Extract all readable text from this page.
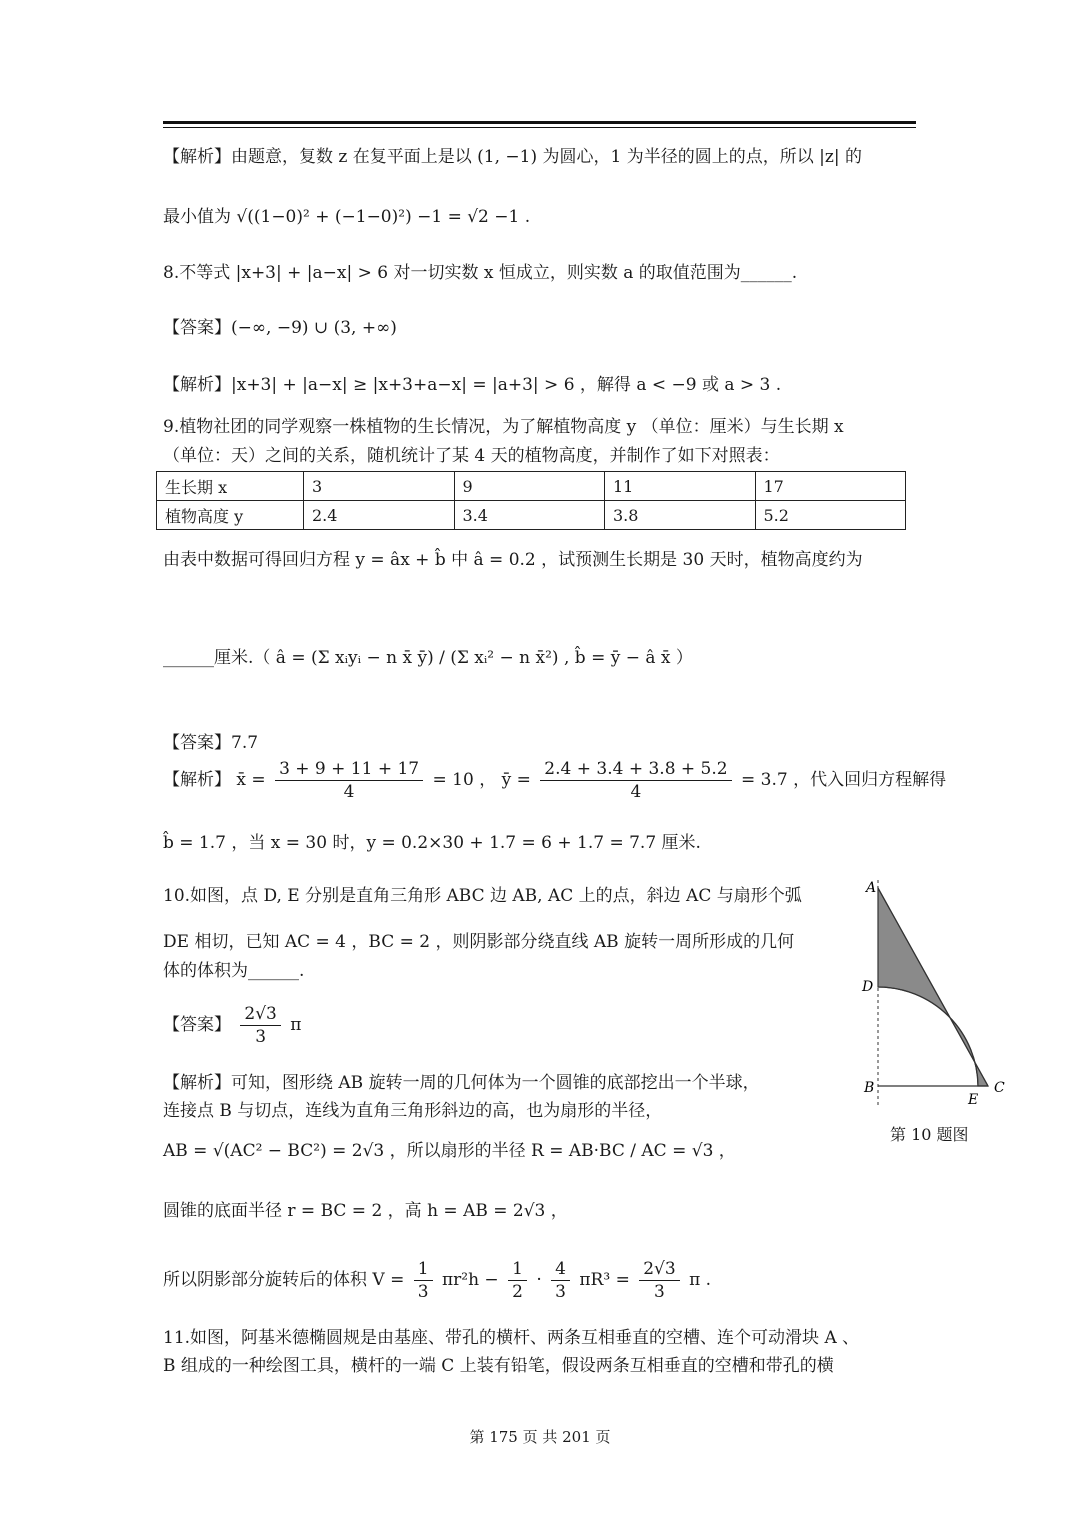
【解析】由题意，复数 z 在复平面上是以 (1, −1) 为圆心，1 为半径的圆上的点，所以 |z| 的
最小值为 √((1−0)² + (−1−0)²) −1 = √2 −1 .
8.不等式 |x+3| + |a−x| > 6 对一切实数 x 恒成立，则实数 a 的取值范围为______.
【答案】(−∞, −9) ∪ (3, +∞)
【解析】|x+3| + |a−x| ≥ |x+3+a−x| = |a+3| > 6 ，解得 a < −9 或 a > 3 .
9.植物社团的同学观察一株植物的生长情况，为了解植物高度 y （单位：厘米）与生长期 x
（单位：天）之间的关系，随机统计了某 4 天的植物高度，并制作了如下对照表：
生长期 x	3	9	11	17
植物高度 y	2.4	3.4	3.8	5.2
由表中数据可得回归方程 y = âx + b̂ 中 â = 0.2 ，试预测生长期是 30 天时，植物高度约为
______厘米.（ â = (Σ xᵢyᵢ − n x̄ ȳ) / (Σ xᵢ² − n x̄²) , b̂ = ȳ − â x̄ ）
【答案】7.7
【解析】 x̄ = $\frac{3 + 9 + 11 + 17}{4} = 10$ ， ȳ = $\frac{2.4 + 3.4 + 3.8 + 5.2}{4} = 3.7$ ，代入回归方程解得
b̂ = 1.7 ，当 x = 30 时，y = 0.2×30 + 1.7 = 6 + 1.7 = 7.7 厘米.
10.如图，点 D, E 分别是直角三角形 ABC 边 AB, AC 上的点，斜边 AC 与扇形个弧
DE 相切，已知 AC = 4 ，BC = 2 ，则阴影部分绕直线 AB 旋转一周所形成的几何
体的体积为______.
【答案】 $\frac{2√3}{3}$ π
【解析】可知，图形绕 AB 旋转一周的几何体为一个圆锥的底部挖出一个半球，
连接点 B 与切点，连线为直角三角形斜边的高，也为扇形的半径，
AB = √(AC² − BC²) = 2√3 ，所以扇形的半径 R = AB·BC / AC = √3 ，
圆锥的底面半径 r = BC = 2 ，高 h = AB = 2√3 ，
所以阴影部分旋转后的体积 $V = \frac{1}{3} \pi r^2h - \frac{1}{2} \cdot \frac{4}{3} \pi R^3 = \frac{2√3}{3}$ π .
11.如图，阿基米德椭圆规是由基座、带孔的横杆、两条互相垂直的空槽、连个可动滑块 A 、
B 组成的一种绘图工具，横杆的一端 C 上装有铅笔，假设两条互相垂直的空槽和带孔的横
A
D
B
E
C
第 10 题图
第 175 页 共 201 页
